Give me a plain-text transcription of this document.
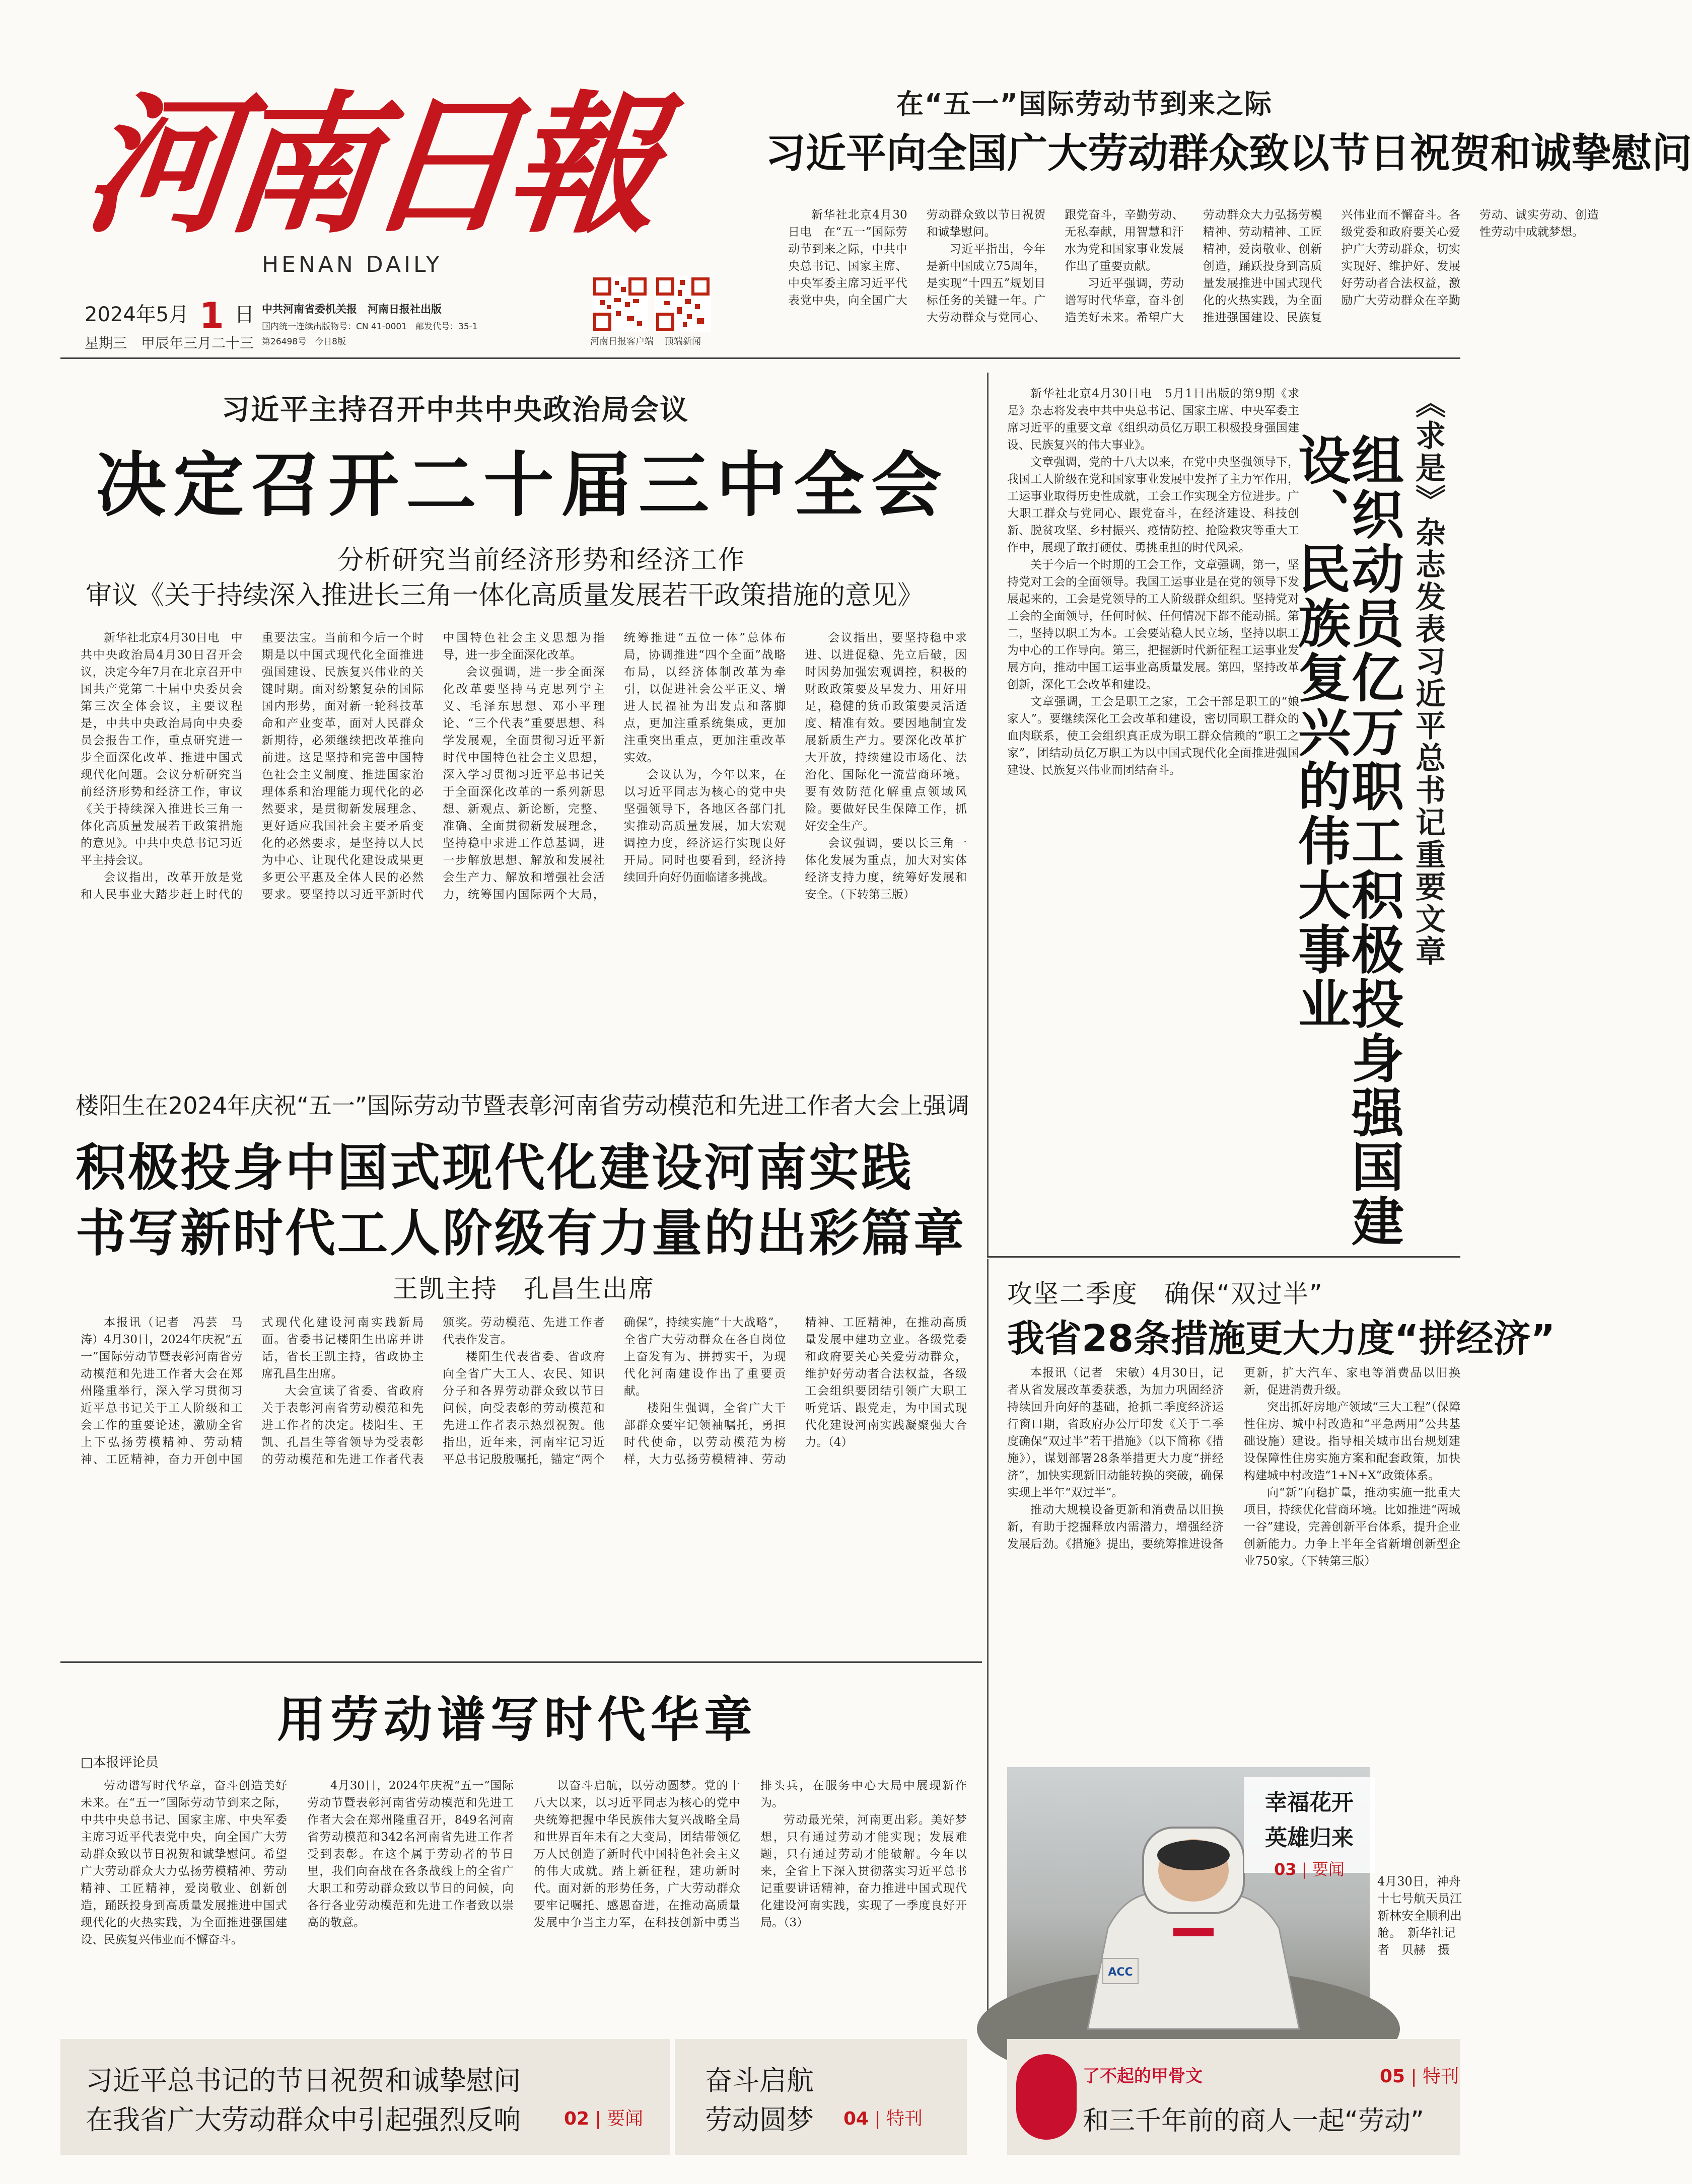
河南日報
HENAN DAILY
2024年5月 1 日
星期三　甲辰年三月二十三
中共河南省委机关报　河南日报社出版
国内统一连续出版物号：CN 41-0001　邮发代号：35-1
第26498号　今日8版	河南日报客户端	顶端新闻
在“五一”国际劳动节到来之际
习近平向全国广大劳动群众致以节日祝贺和诚挚慰问

新华社北京4月30日电　在“五一”国际劳动节到来之际，中共中央总书记、国家主席、中央军委主席习近平代表党中央，向全国广大劳动群众致以节日祝贺和诚挚慰问。

习近平指出，今年是新中国成立75周年，是实现“十四五”规划目标任务的关键一年。广大劳动群众与党同心、跟党奋斗，辛勤劳动、无私奉献，用智慧和汗水为党和国家事业发展作出了重要贡献。

习近平强调，劳动谱写时代华章，奋斗创造美好未来。希望广大劳动群众大力弘扬劳模精神、劳动精神、工匠精神，爱岗敬业、创新创造，踊跃投身到高质量发展推进中国式现代化的火热实践，为全面推进强国建设、民族复兴伟业而不懈奋斗。各级党委和政府要关心爱护广大劳动群众，切实实现好、维护好、发展好劳动者合法权益，激励广大劳动群众在辛勤劳动、诚实劳动、创造性劳动中成就梦想。

习近平主持召开中共中央政治局会议
决定召开二十届三中全会
分析研究当前经济形势和经济工作
审议《关于持续深入推进长三角一体化高质量发展若干政策措施的意见》

新华社北京4月30日电　中共中央政治局4月30日召开会议，决定今年7月在北京召开中国共产党第二十届中央委员会第三次全体会议，主要议程是，中共中央政治局向中央委员会报告工作，重点研究进一步全面深化改革、推进中国式现代化问题。会议分析研究当前经济形势和经济工作，审议《关于持续深入推进长三角一体化高质量发展若干政策措施的意见》。中共中央总书记习近平主持会议。

会议指出，改革开放是党和人民事业大踏步赶上时代的重要法宝。当前和今后一个时期是以中国式现代化全面推进强国建设、民族复兴伟业的关键时期。面对纷繁复杂的国际国内形势，面对新一轮科技革命和产业变革，面对人民群众新期待，必须继续把改革推向前进。这是坚持和完善中国特色社会主义制度、推进国家治理体系和治理能力现代化的必然要求，是贯彻新发展理念、更好适应我国社会主要矛盾变化的必然要求，是坚持以人民为中心、让现代化建设成果更多更公平惠及全体人民的必然要求。要坚持以习近平新时代中国特色社会主义思想为指导，进一步全面深化改革。

会议强调，进一步全面深化改革要坚持马克思列宁主义、毛泽东思想、邓小平理论、“三个代表”重要思想、科学发展观，全面贯彻习近平新时代中国特色社会主义思想，深入学习贯彻习近平总书记关于全面深化改革的一系列新思想、新观点、新论断，完整、准确、全面贯彻新发展理念，坚持稳中求进工作总基调，进一步解放思想、解放和发展社会生产力、解放和增强社会活力，统筹国内国际两个大局，统筹推进“五位一体”总体布局，协调推进“四个全面”战略布局，以经济体制改革为牵引，以促进社会公平正义、增进人民福祉为出发点和落脚点，更加注重系统集成，更加注重突出重点，更加注重改革实效。

会议认为，今年以来，在以习近平同志为核心的党中央坚强领导下，各地区各部门扎实推动高质量发展，加大宏观调控力度，经济运行实现良好开局。同时也要看到，经济持续回升向好仍面临诸多挑战。

会议指出，要坚持稳中求进、以进促稳、先立后破，因时因势加强宏观调控，积极的财政政策要及早发力、用好用足，稳健的货币政策要灵活适度、精准有效。要因地制宜发展新质生产力。要深化改革扩大开放，持续建设市场化、法治化、国际化一流营商环境。要有效防范化解重点领域风险。要做好民生保障工作，抓好安全生产。

会议强调，要以长三角一体化发展为重点，加大对实体经济支持力度，统筹好发展和安全。（下转第三版）

新华社北京4月30日电　5月1日出版的第9期《求是》杂志将发表中共中央总书记、国家主席、中央军委主席习近平的重要文章《组织动员亿万职工积极投身强国建设、民族复兴的伟大事业》。

文章强调，党的十八大以来，在党中央坚强领导下，我国工人阶级在党和国家事业发展中发挥了主力军作用，工运事业取得历史性成就，工会工作实现全方位进步。广大职工群众与党同心、跟党奋斗，在经济建设、科技创新、脱贫攻坚、乡村振兴、疫情防控、抢险救灾等重大工作中，展现了敢打硬仗、勇挑重担的时代风采。

关于今后一个时期的工会工作，文章强调，第一，坚持党对工会的全面领导。我国工运事业是在党的领导下发展起来的，工会是党领导的工人阶级群众组织。坚持党对工会的全面领导，任何时候、任何情况下都不能动摇。第二，坚持以职工为本。工会要站稳人民立场，坚持以职工为中心的工作导向。第三，把握新时代新征程工运事业发展方向，推动中国工运事业高质量发展。第四，坚持改革创新，深化工会改革和建设。

文章强调，工会是职工之家，工会干部是职工的“娘家人”。要继续深化工会改革和建设，密切同职工群众的血肉联系，使工会组织真正成为职工群众信赖的“职工之家”，团结动员亿万职工为以中国式现代化全面推进强国建设、民族复兴伟业而团结奋斗。	《求是》杂志发表习近平总书记重要文章
组织动员亿万职工积极投身强国建设、民族复兴的伟大事业
楼阳生在2024年庆祝“五一”国际劳动节暨表彰河南省劳动模范和先进工作者大会上强调
积极投身中国式现代化建设河南实践
书写新时代工人阶级有力量的出彩篇章
王凯主持　孔昌生出席

本报讯（记者　冯芸　马涛）4月30日，2024年庆祝“五一”国际劳动节暨表彰河南省劳动模范和先进工作者大会在郑州隆重举行，深入学习贯彻习近平总书记关于工人阶级和工会工作的重要论述，激励全省上下弘扬劳模精神、劳动精神、工匠精神，奋力开创中国式现代化建设河南实践新局面。省委书记楼阳生出席并讲话，省长王凯主持，省政协主席孔昌生出席。

大会宣读了省委、省政府关于表彰河南省劳动模范和先进工作者的决定。楼阳生、王凯、孔昌生等省领导为受表彰的劳动模范和先进工作者代表颁奖。劳动模范、先进工作者代表作发言。

楼阳生代表省委、省政府向全省广大工人、农民、知识分子和各界劳动群众致以节日问候，向受表彰的劳动模范和先进工作者表示热烈祝贺。他指出，近年来，河南牢记习近平总书记殷殷嘱托，锚定“两个确保”，持续实施“十大战略”，全省广大劳动群众在各自岗位上奋发有为、拼搏实干，为现代化河南建设作出了重要贡献。

楼阳生强调，全省广大干部群众要牢记领袖嘱托，勇担时代使命，以劳动模范为榜样，大力弘扬劳模精神、劳动精神、工匠精神，在推动高质量发展中建功立业。各级党委和政府要关心关爱劳动群众，维护好劳动者合法权益，各级工会组织要团结引领广大职工听党话、跟党走，为中国式现代化建设河南实践凝聚强大合力。（4）

攻坚二季度　确保“双过半”
我省28条措施更大力度“拼经济”

本报讯（记者　宋敏）4月30日，记者从省发展改革委获悉，为加力巩固经济持续回升向好的基础，抢抓二季度经济运行窗口期，省政府办公厅印发《关于二季度确保“双过半”若干措施》（以下简称《措施》），谋划部署28条举措更大力度“拼经济”，加快实现新旧动能转换的突破，确保实现上半年“双过半”。

推动大规模设备更新和消费品以旧换新，有助于挖掘释放内需潜力，增强经济发展后劲。《措施》提出，要统筹推进设备更新，扩大汽车、家电等消费品以旧换新，促进消费升级。

突出抓好房地产领域“三大工程”（保障性住房、城中村改造和“平急两用”公共基础设施）建设。指导相关城市出台规划建设保障性住房实施方案和配套政策，加快构建城中村改造“1+N+X”政策体系。

向“新”向稳扩量，推动实施一批重大项目，持续优化营商环境。比如推进“两城一谷”建设，完善创新平台体系，提升企业创新能力。力争上半年全省新增创新型企业750家。（下转第三版）

用劳动谱写时代华章
□本报评论员

劳动谱写时代华章，奋斗创造美好未来。在“五一”国际劳动节到来之际，中共中央总书记、国家主席、中央军委主席习近平代表党中央，向全国广大劳动群众致以节日祝贺和诚挚慰问。希望广大劳动群众大力弘扬劳模精神、劳动精神、工匠精神，爱岗敬业、创新创造，踊跃投身到高质量发展推进中国式现代化的火热实践，为全面推进强国建设、民族复兴伟业而不懈奋斗。

4月30日，2024年庆祝“五一”国际劳动节暨表彰河南省劳动模范和先进工作者大会在郑州隆重召开，849名河南省劳动模范和342名河南省先进工作者受到表彰。在这个属于劳动者的节日里，我们向奋战在各条战线上的全省广大职工和劳动群众致以节日的问候，向各行各业劳动模范和先进工作者致以崇高的敬意。

以奋斗启航，以劳动圆梦。党的十八大以来，以习近平同志为核心的党中央统筹把握中华民族伟大复兴战略全局和世界百年未有之大变局，团结带领亿万人民创造了新时代中国特色社会主义的伟大成就。踏上新征程，建功新时代。面对新的形势任务，广大劳动群众要牢记嘱托、感恩奋进，在推动高质量发展中争当主力军，在科技创新中勇当排头兵，在服务中心大局中展现新作为。

劳动最光荣，河南更出彩。美好梦想，只有通过劳动才能实现；发展难题，只有通过劳动才能破解。今年以来，全省上下深入贯彻落实习近平总书记重要讲话精神，奋力推进中国式现代化建设河南实践，实现了一季度良好开局。（3）

ACC
幸福花开
英雄归来
03 | 要闻
4月30日，神舟十七号航天员江新林安全顺利出舱。　新华社记者　贝赫　摄
习近平总书记的节日祝贺和诚挚慰问
在我省广大劳动群众中引起强烈反响 02 | 要闻
奋斗启航
劳动圆梦 04 | 特刊
了不起的甲骨文	05 | 特刊
和三千年前的商人一起“劳动”
